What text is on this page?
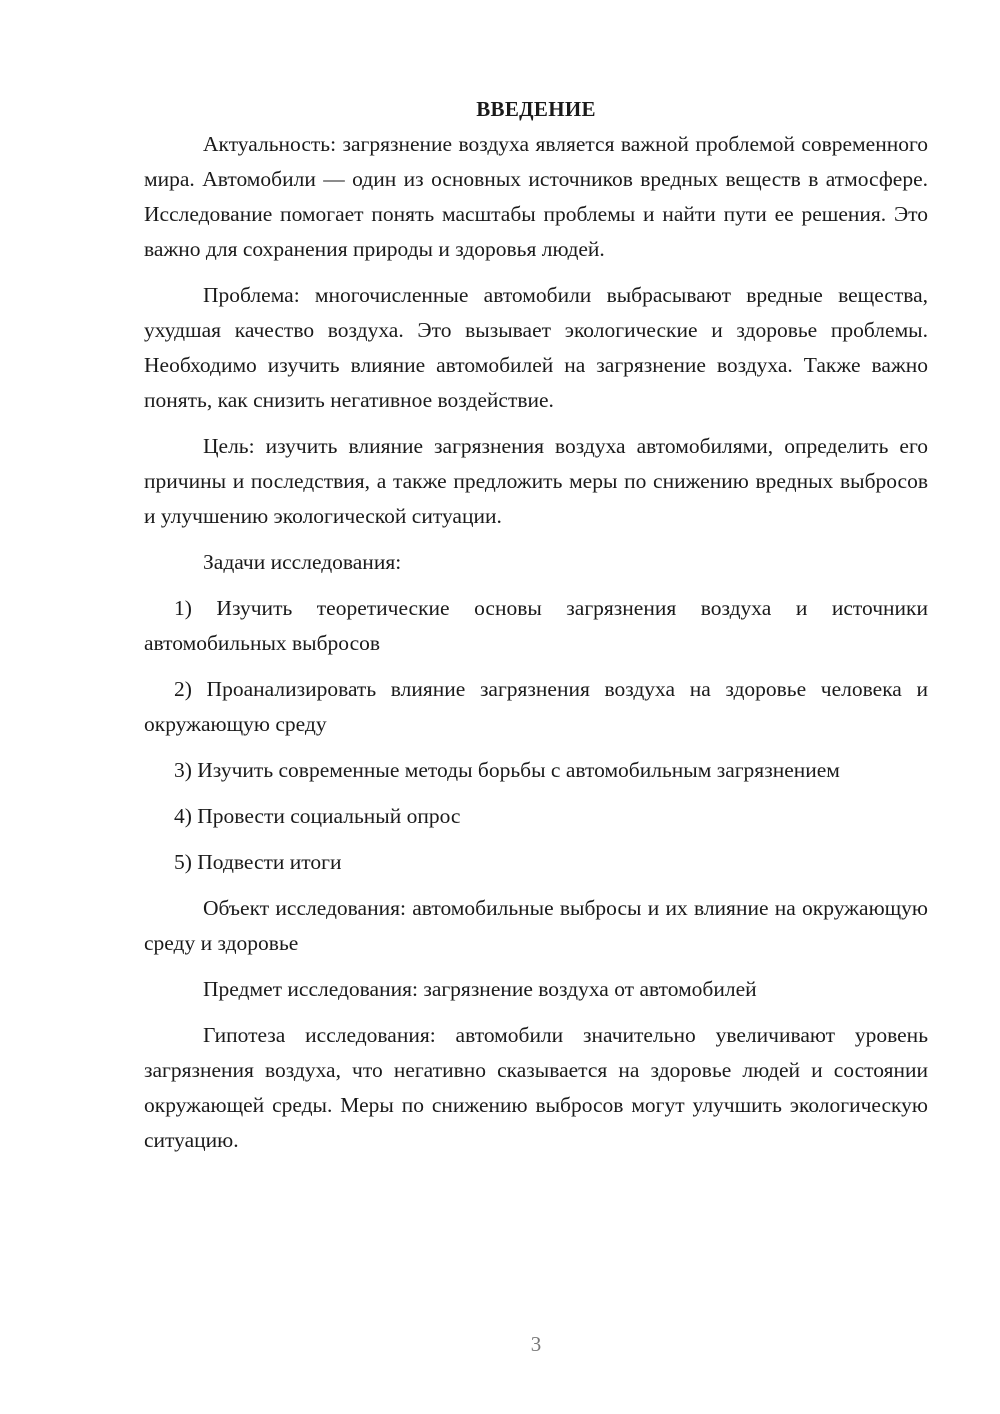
ВВЕДЕНИЕ

Актуальность: загрязнение воздуха является важной проблемой современного мира. Автомобили — один из основных источников вредных веществ в атмосфере. Исследование помогает понять масштабы проблемы и найти пути ее решения. Это важно для сохранения природы и здоровья людей.

Проблема: многочисленные автомобили выбрасывают вредные вещества, ухудшая качество воздуха. Это вызывает экологические и здоровье проблемы. Необходимо изучить влияние автомобилей на загрязнение воздуха. Также важно понять, как снизить негативное воздействие.

Цель: изучить влияние загрязнения воздуха автомобилями, определить его причины и последствия, а также предложить меры по снижению вредных выбросов и улучшению экологической ситуации.

Задачи исследования:

1) Изучить теоретические основы загрязнения воздуха и источники автомобильных выбросов

2) Проанализировать влияние загрязнения воздуха на здоровье человека и окружающую среду

3) Изучить современные методы борьбы с автомобильным загрязнением

4) Провести социальный опрос

5) Подвести итоги

Объект исследования: автомобильные выбросы и их влияние на окружающую среду и здоровье

Предмет исследования: загрязнение воздуха от автомобилей

Гипотеза исследования: автомобили значительно увеличивают уровень загрязнения воздуха, что негативно сказывается на здоровье людей и состоянии окружающей среды. Меры по снижению выбросов могут улучшить экологическую ситуацию.

3
